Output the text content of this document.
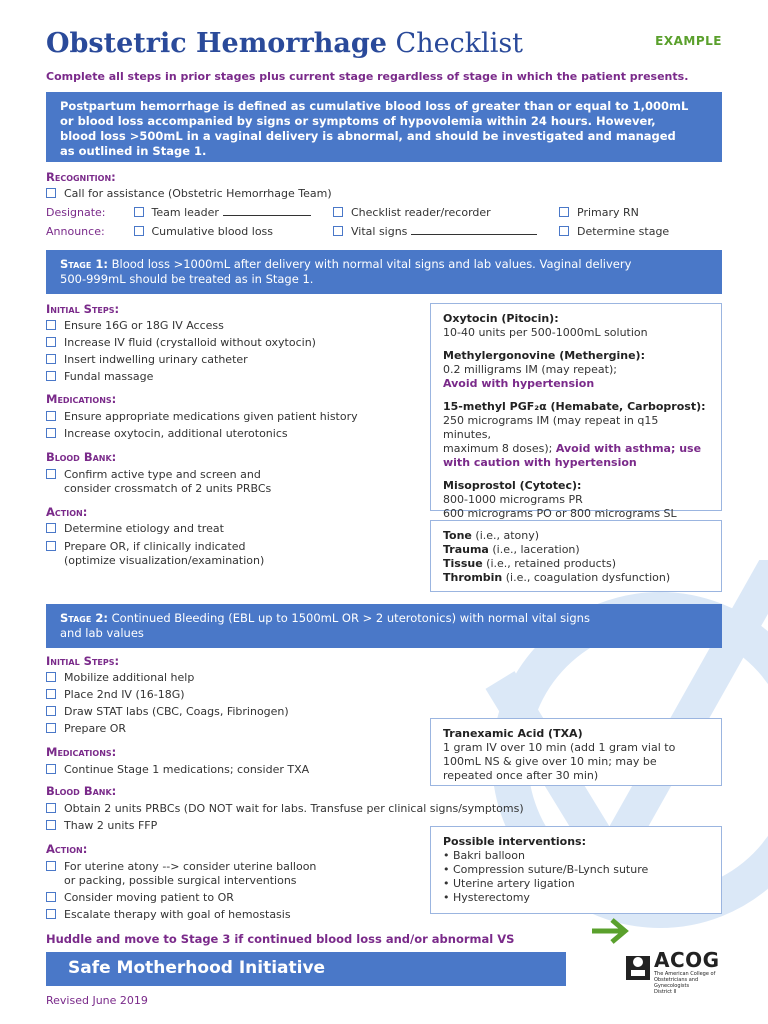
Obstetric Hemorrhage Checklist	EXAMPLE
Complete all steps in prior stages plus current stage regardless of stage in which the patient presents.
Postpartum hemorrhage is defined as cumulative blood loss of greater than or equal to 1,000mL
or blood loss accompanied by signs or symptoms of hypovolemia within 24 hours. However,
blood loss >500mL in a vaginal delivery is abnormal, and should be investigated and managed
as outlined in Stage 1.
Recognition:
Call for assistance (Obstetric Hemorrhage Team)
Designate:	Team leader	Checklist reader/recorder	Primary RN
Announce:	Cumulative blood loss	Vital signs	Determine stage
Stage 1: Blood loss >1000mL after delivery with normal vital signs and lab values. Vaginal delivery
500-999mL should be treated as in Stage 1.
Initial Steps:
Ensure 16G or 18G IV Access
Increase IV fluid (crystalloid without oxytocin)
Insert indwelling urinary catheter
Fundal massage
Medications:
Ensure appropriate medications given patient history
Increase oxytocin, additional uterotonics
Blood Bank:
Confirm active type and screen and
consider crossmatch of 2 units PRBCs
Action:
Determine etiology and treat
Prepare OR, if clinically indicated
(optimize visualization/examination)

Oxytocin (Pitocin):
10-40 units per 500-1000mL solution

Methylergonovine (Methergine):
0.2 milligrams IM (may repeat);
Avoid with hypertension

15-methyl PGF₂α (Hemabate, Carboprost):
250 micrograms IM (may repeat in q15 minutes,
maximum 8 doses); Avoid with asthma; use
with caution with hypertension

Misoprostol (Cytotec):
800-1000 micrograms PR
600 micrograms PO or 800 micrograms SL

Tone (i.e., atony)
Trauma (i.e., laceration)
Tissue (i.e., retained products)
Thrombin (i.e., coagulation dysfunction)
Stage 2: Continued Bleeding (EBL up to 1500mL OR > 2 uterotonics) with normal vital signs
and lab values
Initial Steps:
Mobilize additional help
Place 2nd IV (16-18G)
Draw STAT labs (CBC, Coags, Fibrinogen)
Prepare OR
Medications:
Continue Stage 1 medications; consider TXA
Blood Bank:
Obtain 2 units PRBCs (DO NOT wait for labs. Transfuse per clinical signs/symptoms)
Thaw 2 units FFP
Action:
For uterine atony --> consider uterine balloon
or packing, possible surgical interventions
Consider moving patient to OR
Escalate therapy with goal of hemostasis
Tranexamic Acid (TXA)
1 gram IV over 10 min (add 1 gram vial to
100mL NS & give over 10 min; may be
repeated once after 30 min)
Possible interventions:
• Bakri balloon
• Compression suture/B-Lynch suture
• Uterine artery ligation
• Hysterectomy
Huddle and move to Stage 3 if continued blood loss and/or abnormal VS
Safe Motherhood Initiative
Revised June 2019
ACOG
The American College of
Obstetricians and Gynecologists
District II
